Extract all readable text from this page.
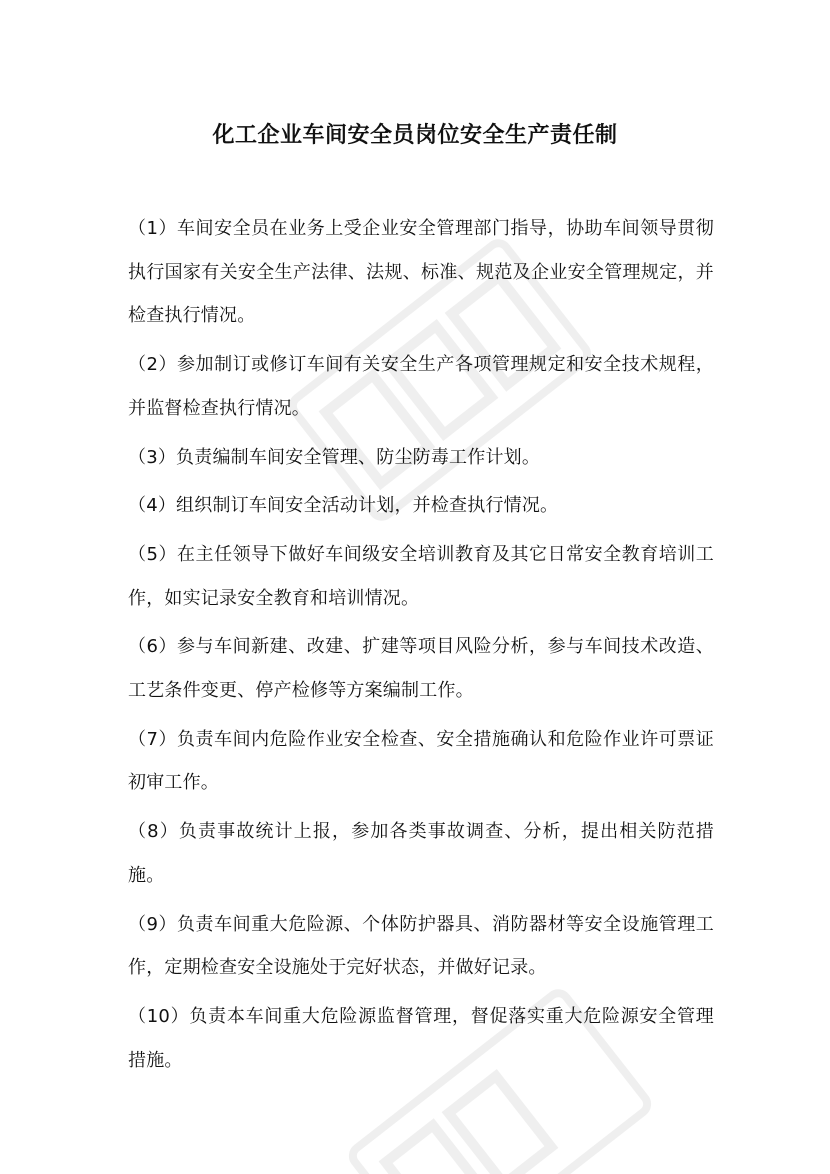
化工企业车间安全员岗位安全生产责任制

（1）车间安全员在业务上受企业安全管理部门指导，协助车间领导贯彻执行国家有关安全生产法律、法规、标准、规范及企业安全管理规定，并检查执行情况。

（2）参加制订或修订车间有关安全生产各项管理规定和安全技术规程，并监督检查执行情况。

（3）负责编制车间安全管理、防尘防毒工作计划。

（4）组织制订车间安全活动计划，并检查执行情况。

（5）在主任领导下做好车间级安全培训教育及其它日常安全教育培训工作，如实记录安全教育和培训情况。

（6）参与车间新建、改建、扩建等项目风险分析，参与车间技术改造、工艺条件变更、停产检修等方案编制工作。

（7）负责车间内危险作业安全检查、安全措施确认和危险作业许可票证初审工作。

（8）负责事故统计上报，参加各类事故调查、分析，提出相关防范措施。

（9）负责车间重大危险源、个体防护器具、消防器材等安全设施管理工作，定期检查安全设施处于完好状态，并做好记录。

（10）负责本车间重大危险源监督管理，督促落实重大危险源安全管理措施。
